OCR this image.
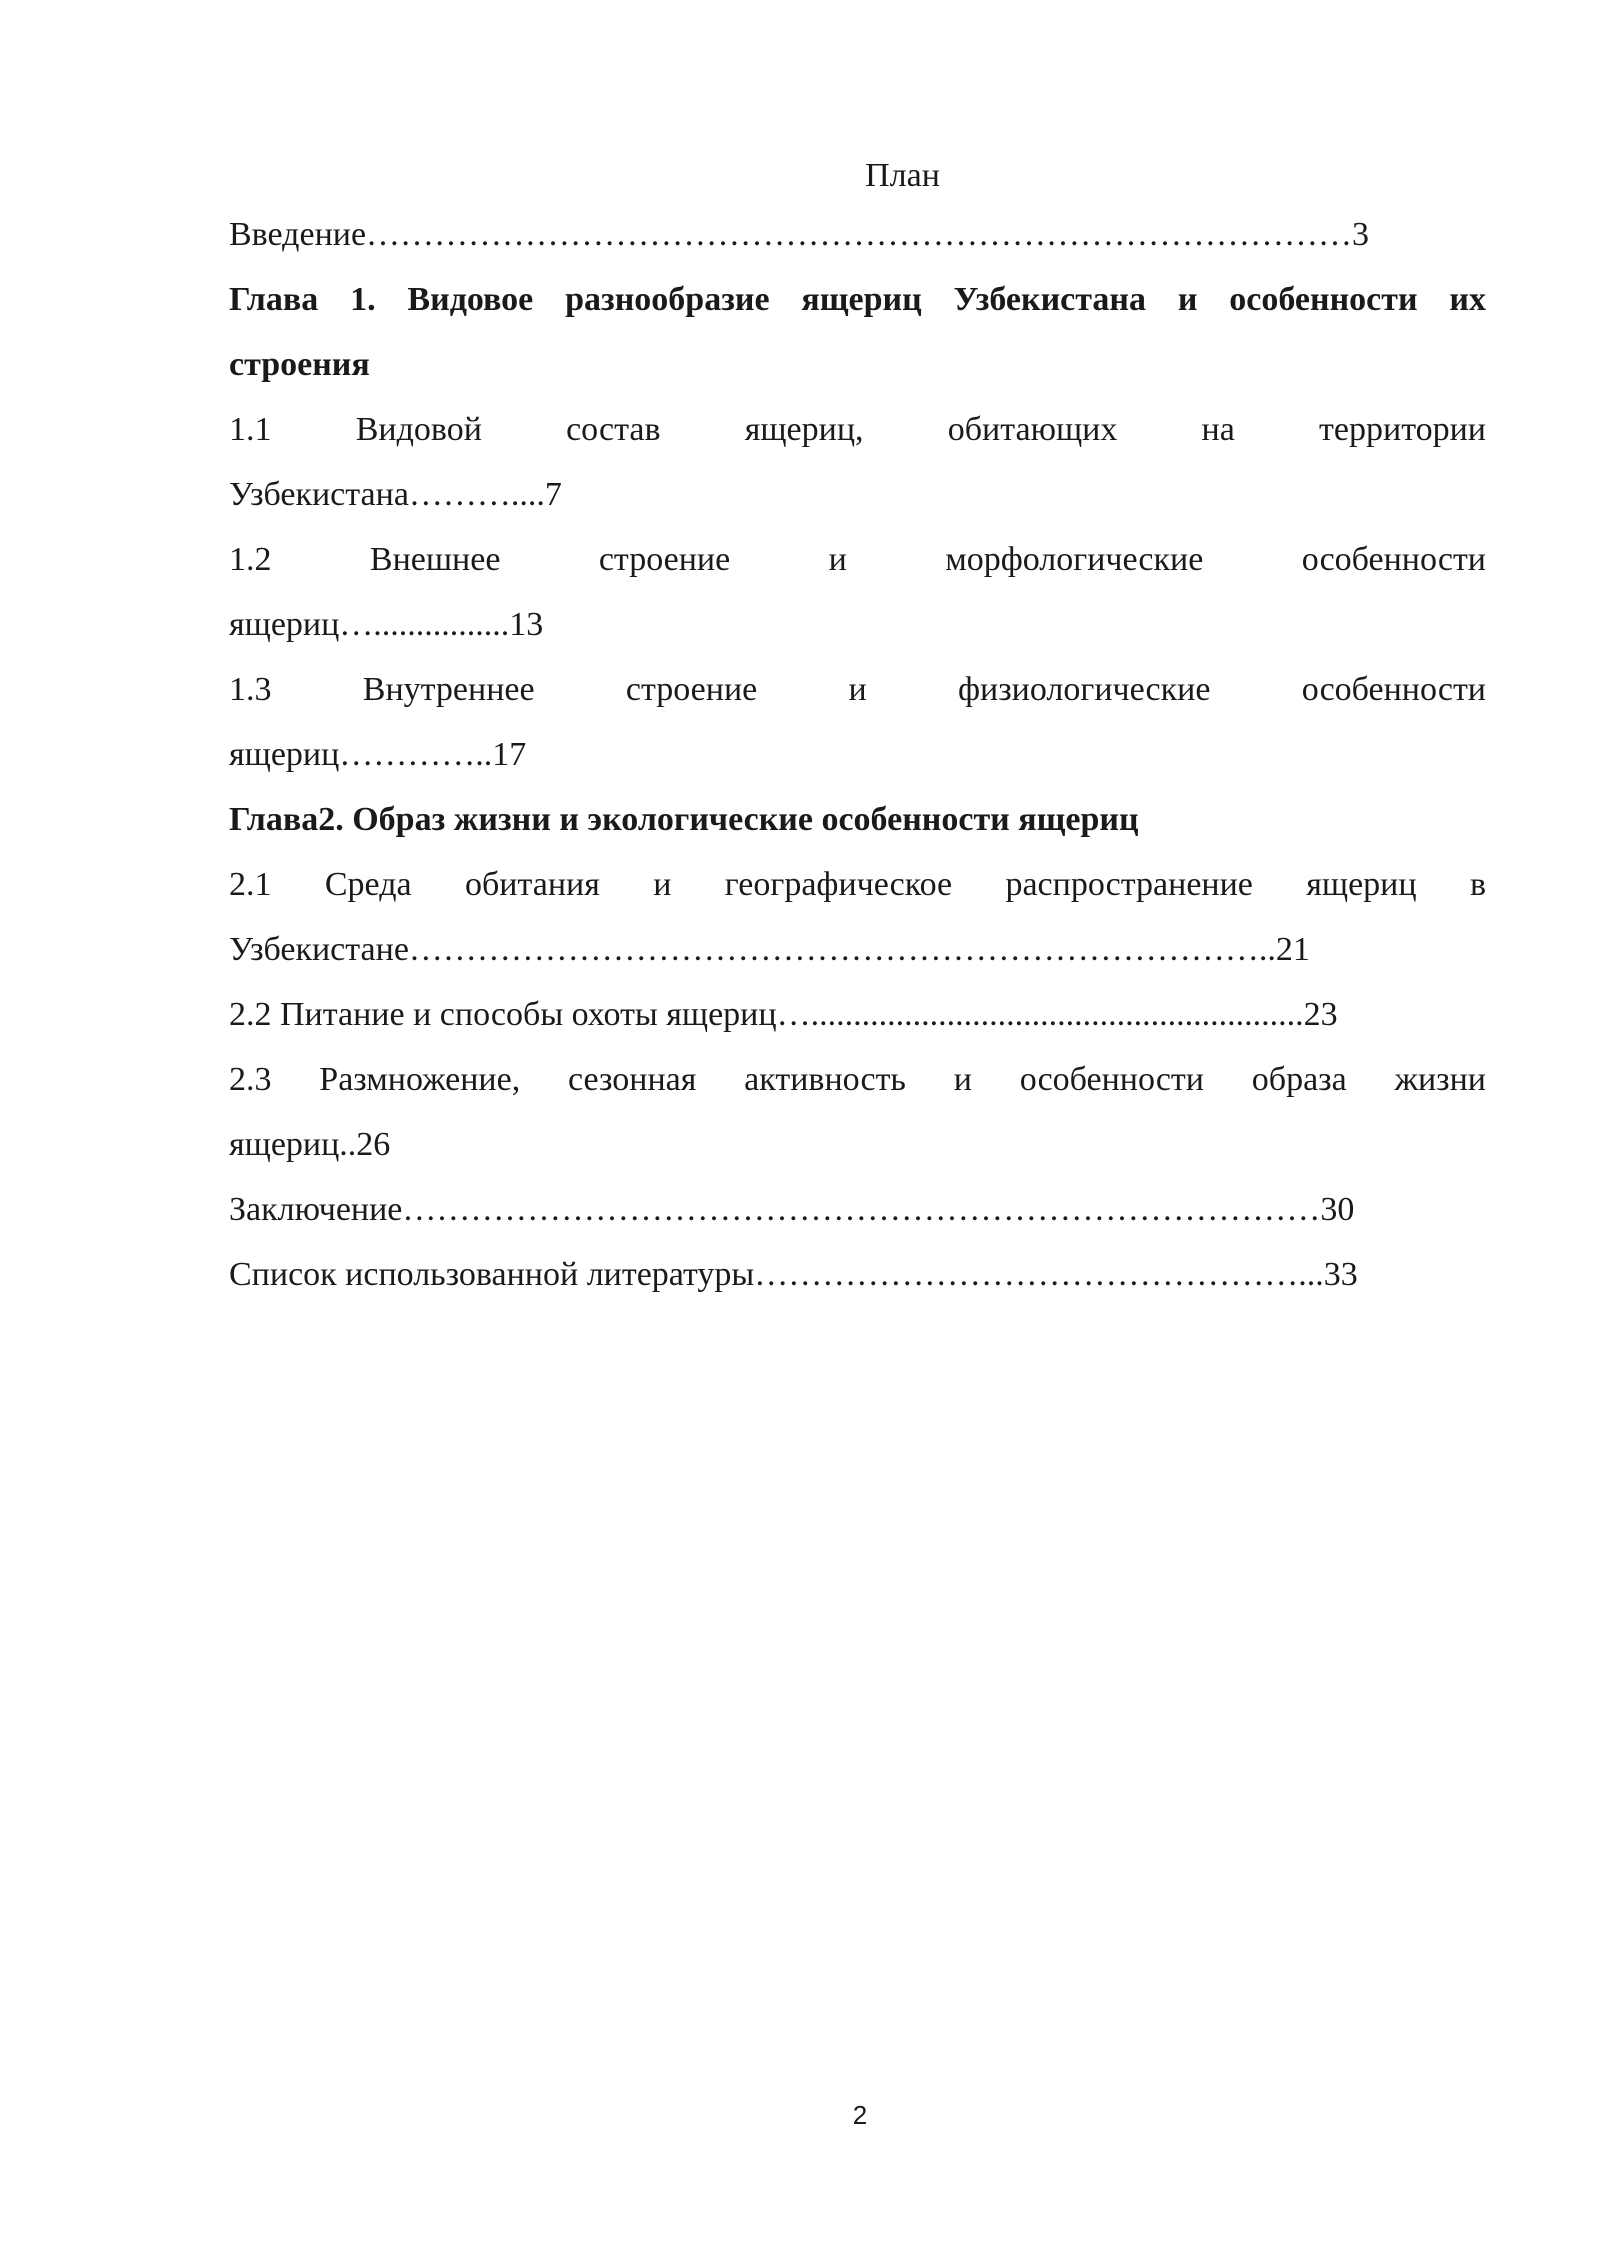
План
Введение……………………………………………………………………………3
Глава 1. Видовое разнообразие ящериц Узбекистана и особенности их
строения
1.1 Видовой состав ящериц, обитающих на территории
Узбекистана………....7
1.2 Внешнее строение и морфологические особенности
ящериц…................13
1.3 Внутреннее строение и физиологические особенности
ящериц…………..17
Глава2. Образ жизни и экологические особенности ящериц
2.1 Среда обитания и географическое распространение ящериц в
Узбекистане…………………………………………………………………..21
2.2 Питание и способы охоты ящериц…..........................................................23
2.3 Размножение, сезонная активность и особенности образа жизни
ящериц..26
Заключение………………………………………………………………………30
Список использованной литературы…………………………………………...33
2
